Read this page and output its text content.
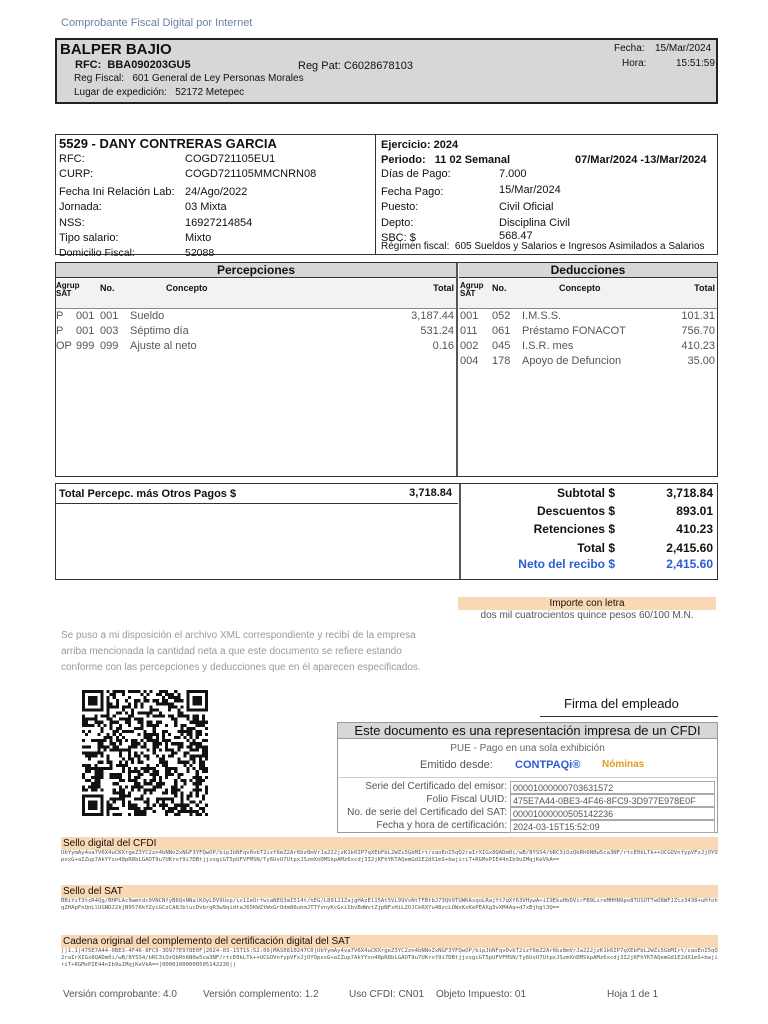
Comprobante Fiscal Digital por Internet
BALPER BAJIO
RFC: BBA090203GU5	Reg Pat: C6028678103
Reg Fiscal: 601 General de Ley Personas Morales
Lugar de expedición: 52172 Metepec
Fecha: 15/Mar/2024
Hora:	15:51:59
5529 - DANY CONTRERAS GARCIA
RFC:	COGD721105EU1
CURP:	COGD721105MMCNRN08
Fecha Ini Relación Lab: 24/Ago/2022
Jornada:	03 Mixta
NSS:	16927214854
Tipo salario:	Mixto
Domicilio Fiscal:	52088
Ejercicio: 2024
Periodo: 11 02 Semanal	07/Mar/2024 -13/Mar/2024
Días de Pago:	7.000
Fecha Pago:	15/Mar/2024
Puesto:	Civil Oficial
Depto:	Disciplina Civil
SBC: $	568.47
Régimen fiscal: 605 Sueldos y Salarios e Ingresos Asimilados a Salarios
Percepciones
Agrup
SAT
No.	Concepto	Total
P 001 001 Sueldo	3,187.44
P 001 003 Séptimo día	531.24
OP 999 099 Ajuste al neto	0.16
Deducciones
Agrup
SAT
No.	Concepto	Total
001 052 I.M.S.S.	101.31
011 061 Préstamo FONACOT	756.70
002 045 I.S.R. mes	410.23
004 178 Apoyo de Defuncion	35.00
Total Percepc. más Otros Pagos $	3,718.84	Subtotal $	3,718.84
Descuentos $	893.01
Retenciones $	410.23
Total $	2,415.60
Neto del recibo $	2,415.60
Importe con letra
dos mil cuatrocientos quince pesos 60/100 M.N.
Se puso a mi disposición el archivo XML correspondiente y recibí de la empresa arriba mencionada la cantidad neta a que este documento se refiere estando conforme con las percepciones y deducciones que en él aparecen especificados.
Firma del empleado
Este documento es una representación impresa de un CFDI
PUE - Pago en una sola exhibición
Emitido desde: CONTPAQi® Nóminas
Serie del Certificado del emisor: 00001000000703631572
Folio Fiscal UUID: 475E7A44-0BE3-4F46-8FC9-3D977E978E0F
No. de serie del Certificado del SAT: 00001000000505142236
Fecha y hora de certificación: 2024-03-15T15:52:09
Sello digital del CFDI
UbYymAy4va7V6X4uCKXrgeZ3YC2zn4bNNoZxNGF3YFQwOP/bipJbNFqv0vbT2izf6mZ2Ar6bz8mVrJa222jzK1k6IP7qXEbFbL2WZi5GbMIrt/zaoEnI5qQ2raIrXIGx8QADm0i/wB/8YSS4/bRC3iOzQbRh6N0w5ca3NF/rtcE0kLTk++UCGOVnfypVFxJjOYOpxxG+aIZup7AkYYxo48pR8bLGAOT9u7UKrxf9i7DBtjjvxgiGT5pUFVFMSN/Ty6UvU7UtpxJSzmXnDMSkpAMz6xcdj3I2jKFhYKTAQemGd1E2dX1mS+bwjiriT+RGMxPIE44nIb9uIMqjKeVkA==
Sello del SAT
BBiYsT3tcR4Qg/BHPLAc9wmtdc9VNCNfyB6QnNNalKOyLDV9Usp/ix1IeOrfwiaNEQ3mI514t/hEG/L89121ZajgHAzEl15At5VL99VsNtTFBtbJ73Qh9TUWKAsqoLRajYt7qXf63VHywA+iI9EkuHbDVirFB9LsreMHHN9po8TUSOTTwO8WFJZcz3438+uHfohqZHApFnQnLlUGNDJ2kjN9576kYZyiGCzCA8JblucDvbrqR3w9qidtaJ65KWZtWxGrOdm86uhmJTTYvnyKcGxiIbvBdWvtZjpNFxHiL2OJCkRXYu48zcLOWsKxKePEAXg3vXM4Aq+d7xBjhgl3Q==
Cadena original del complemento del certificación digital del SAT
||1.1|475E7A44-0BE3-4F46-8FC9-3D977E978E0F|2024-03-15T15:52:09|MAS0810247C0|UbYymAy4va7V6X4uCKXrgeZ3YC2zn4bNNoZxNGF3YFQwOP/bipJbNFqv0vbT2izf6mZ2Ar6bz8mVrJa222jzK1k6IP7qXEbFbL2WZi5GbMIrt/zaoEnI5qQ2raIrXIGx8QADm0i/wB/8YSS4/bRC3iOzQbRh6N0w5ca3NF/rtcE0kLTk++UCGOVnfypVFxJjOYOpxxG+aIZup7AkYYxo48pR8bLGAOT9u7UKrxf9i7DBtjjvxgiGT5pUFVFMSN/Ty6UvU7UtpxJSzmXnDMSkpAMz6xcdj3I2jKFhYKTAQemGd1E2dX1mS+bwjiriT+RGMxPIE44nIb9uIMqjKeVkA==|00001000000505142236||
Versión comprobante: 4.0	Versión complemento: 1.2	Uso CFDI: CN01 Objeto Impuesto: 01	Hoja 1 de 1
